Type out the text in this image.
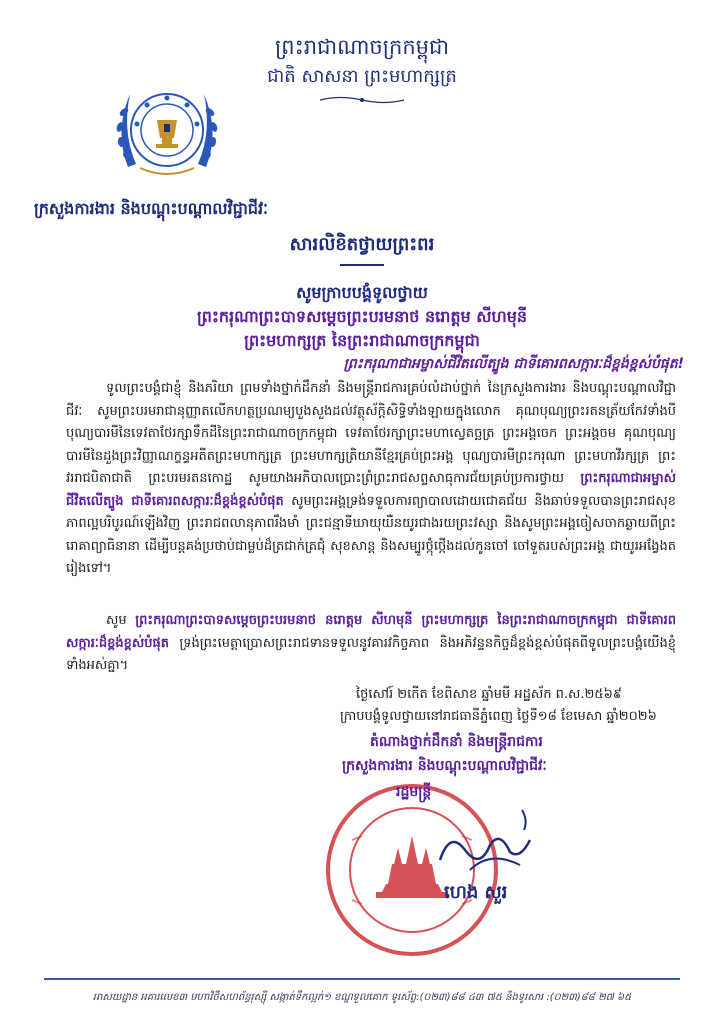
ព្រះរាជាណាចក្រកម្ពុជា
ជាតិ សាសនា ព្រះមហាក្សត្រ
ក្រសួងការងារ និងបណ្តុះបណ្តាលវិជ្ជាជីវៈ
សារលិខិតថ្វាយព្រះពរ
សូមក្រាបបង្គំទូលថ្វាយ
ព្រះករុណាព្រះបាទសម្តេចព្រះបរមនាថ នរោត្តម សីហមុនី
ព្រះមហាក្សត្រ នៃព្រះរាជាណាចក្រកម្ពុជា
ព្រះករុណាជាអម្ចាស់ជីវិតលើត្បូង ជាទីគោរពសក្ការៈដ៏ខ្ពង់ខ្ពស់បំផុត!
ទូលព្រះបង្គំជាខ្ញុំ និងភរិយា ព្រមទាំងថ្នាក់ដឹកនាំ និងមន្ត្រីរាជការគ្រប់លំដាប់ថ្នាក់ នៃក្រសួងការងារ និងបណ្តុះបណ្តាលវិជ្ជាជីវៈ សូមព្រះបរមរាជានុញ្ញាតលើកហត្ថប្រណម្យបួងសួងដល់វត្ថុស័ក្តិសិទ្ធិទាំងឡាយក្នុងលោក គុណបុណ្យព្រះរតនត្រ័យកែវទាំងបី បុណ្យបារមីនៃទេវតាថែរក្សាទឹកដីនៃព្រះរាជាណាចក្រកម្ពុជា ទេវតាថែរក្សាព្រះមហាស្វេតច្ឆត្រ ព្រះអង្គចេក ព្រះអង្គចម គុណបុណ្យបារមីនៃដួងព្រះវិញ្ញាណក្ខន្ធអតីតព្រះមហាក្សត្រ ព្រះមហាក្សត្រិយានីខ្មែរគ្រប់ព្រះអង្គ បុណ្យបារមីព្រះករុណា ព្រះមហាវីរក្សត្រ ព្រះវររាជបិតាជាតិ ព្រះបរមរតនកោដ្ឋ សូមយាងអភិបាលប្រោះព្រំព្រះរាជសព្ទសាធុការជ័យគ្រប់ប្រការថ្វាយ ព្រះករុណាជាអម្ចាស់ជីវិតលើត្បូង ជាទីគោរពសក្ការៈដ៏ខ្ពង់ខ្ពស់បំផុត សូមព្រះអង្គទ្រង់ទទួលការព្យាបាលដោយជោគជ័យ និងឆាប់ទទួលបានព្រះរាជសុខភាពល្អបរិបូរណ៍ឡើងវិញ ព្រះរាជពលានុភាពរឹងមាំ ព្រះជន្មាទីឃាយុយឺនយូរជាងរយព្រះវស្សា និងសូមព្រះអង្គចៀសចាកឆ្ងាយពីព្រះរោគាព្យាធិនានា ដើម្បីបន្តគង់ប្រថាប់ជាម្លប់ដ៏ត្រជាក់ត្រជុំ សុខសាន្ត និងសម្បូរថ្កុំថ្កើងដល់កូនចៅ ចៅទួតរបស់ព្រះអង្គ ជាយូរអង្វែងតរៀងទៅ។
សូម ព្រះករុណាព្រះបាទសម្តេចព្រះបរមនាថ នរោត្តម សីហមុនី ព្រះមហាក្សត្រ នៃព្រះរាជាណាចក្រកម្ពុជា ជាទីគោរពសក្ការៈដ៏ខ្ពង់ខ្ពស់បំផុត ទ្រង់ព្រះមេត្តាប្រោសព្រះរាជទានទទួលនូវគារវកិច្ចភាព និងអភិវន្ទនកិច្ចដ៏ខ្ពង់ខ្ពស់បំផុតពីទូលព្រះបង្គំយើងខ្ញុំទាំងអស់គ្នា។
ថ្ងៃសៅរ៍ ២កើត ខែពិសាខ ឆ្នាំមមី អដ្ឋស័ក ព.ស.២៥៦៩
ក្រាបបង្គំទូលថ្វាយនៅរាជធានីភ្នំពេញ ថ្ងៃទី១៨ ខែមេសា ឆ្នាំ២០២៦
តំណាងថ្នាក់ដឹកនាំ និងមន្ត្រីរាជការ
ក្រសួងការងារ និងបណ្តុះបណ្តាលវិជ្ជាជីវៈ
រដ្ឋមន្ត្រី
ហេង សួរ
អាសយដ្ឋាន អគារលេខ៣ មហាវិថីសហព័ន្ធរុស្ស៊ី សង្កាត់ទឹកល្អក់១ ខណ្ឌទួលគោក ទូរស័ព្ទ:(០២៣)៨៨ ៤៣ ៧៥ និងទូរសារ :(០២៣)៨៨ ២៧ ៦៥
